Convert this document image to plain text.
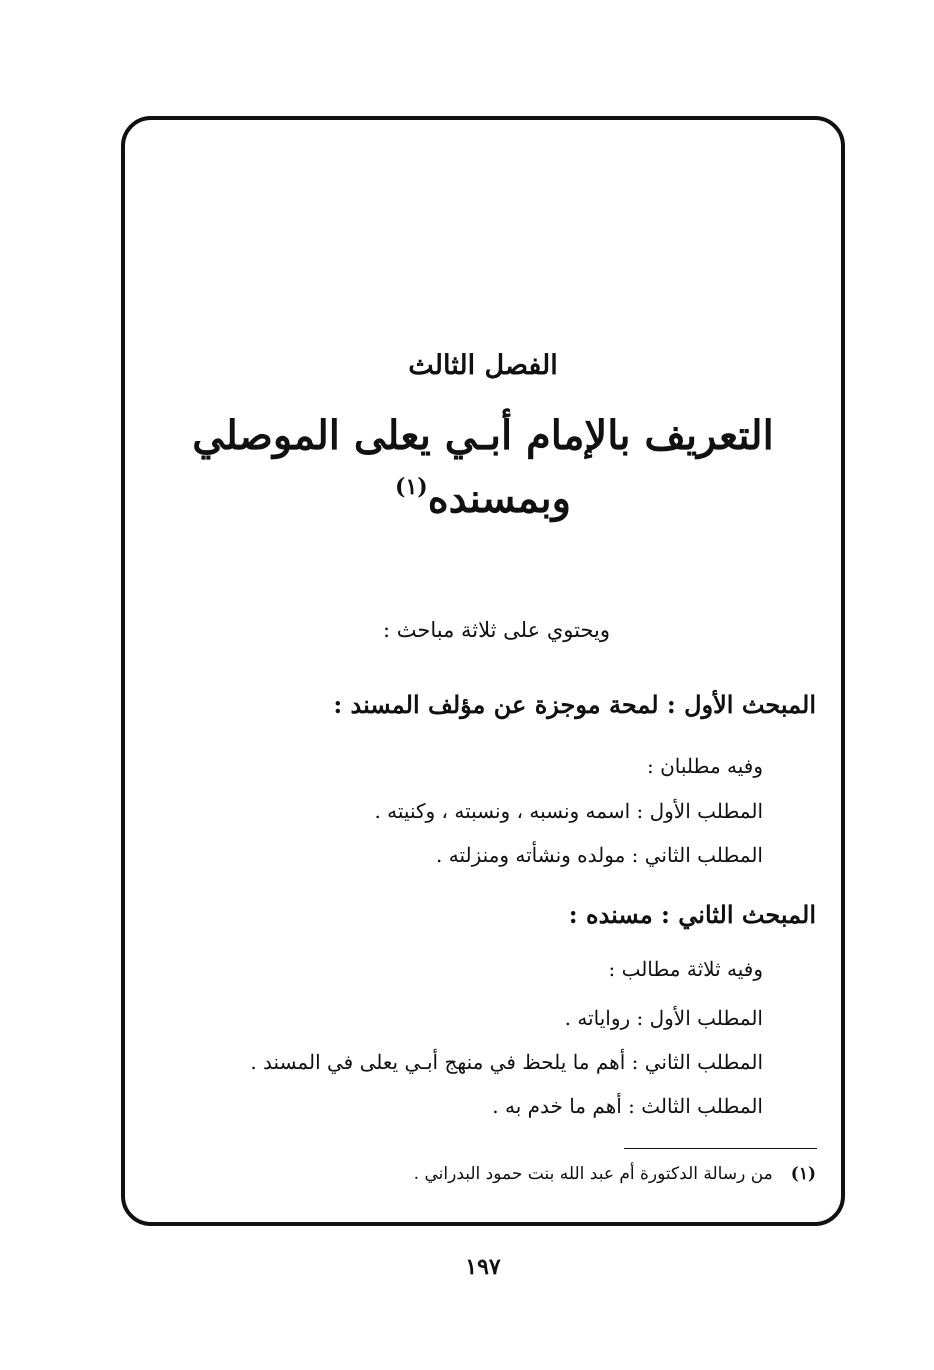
الفصل الثالث
التعريف بالإمام أبـي يعلى الموصلي
وبمسنده$^{(١)}$
ويحتوي على ثلاثة مباحث :
المبحث الأول : لمحة موجزة عن مؤلف المسند :
وفيه مطلبان :
المطلب الأول : اسمه ونسبه ، ونسبته ، وكنيته .
المطلب الثاني : مولده ونشأته ومنزلته .
المبحث الثاني : مسنده :
وفيه ثلاثة مطالب :
المطلب الأول : رواياته .
المطلب الثاني : أهم ما يلحظ في منهج أبـي يعلى في المسند .
المطلب الثالث : أهم ما خدم به .
(١)من رسالة الدكتورة أم عبد الله بنت حمود البدراني .
١٩٧
